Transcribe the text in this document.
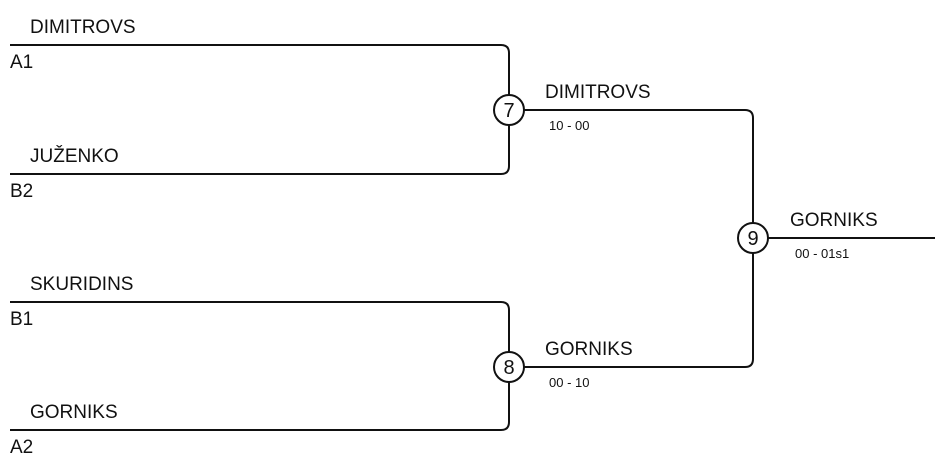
7
8
9
DIMITROVS
A1
JUŽENKO
B2
SKURIDINS
B1
GORNIKS
A2
DIMITROVS
10 - 00
GORNIKS
00 - 10
GORNIKS
00 - 01s1
